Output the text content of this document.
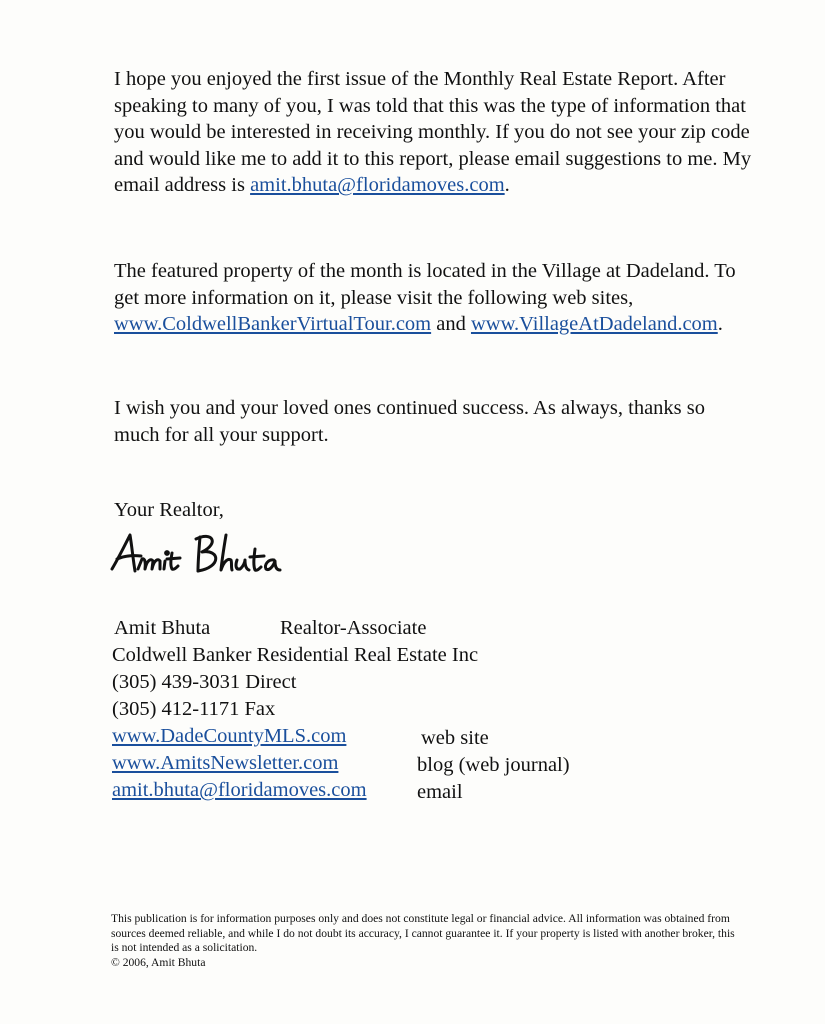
I hope you enjoyed the first issue of the Monthly Real Estate Report. After speaking to many of you, I was told that this was the type of information that you would be interested in receiving monthly. If you do not see your zip code and would like me to add it to this report, please email suggestions to me. My email address is amit.bhuta@floridamoves.com.

The featured property of the month is located in the Village at Dadeland. To get more information on it, please visit the following web sites, www.ColdwellBankerVirtualTour.com and www.VillageAtDadeland.com.

I wish you and your loved ones continued success. As always, thanks so much for all your support.

Your Realtor,

Amit Bhuta	Realtor-Associate
Coldwell Banker Residential Real Estate Inc
(305) 439-3031 Direct
(305) 412-1171 Fax
www.DadeCountyMLS.com	web site
www.AmitsNewsletter.com	blog (web journal)
amit.bhuta@floridamoves.com email
This publication is for information purposes only and does not constitute legal or financial advice. All information was obtained from sources deemed reliable, and while I do not doubt its accuracy, I cannot guarantee it. If your property is listed with another broker, this is not intended as a solicitation.
© 2006, Amit Bhuta
